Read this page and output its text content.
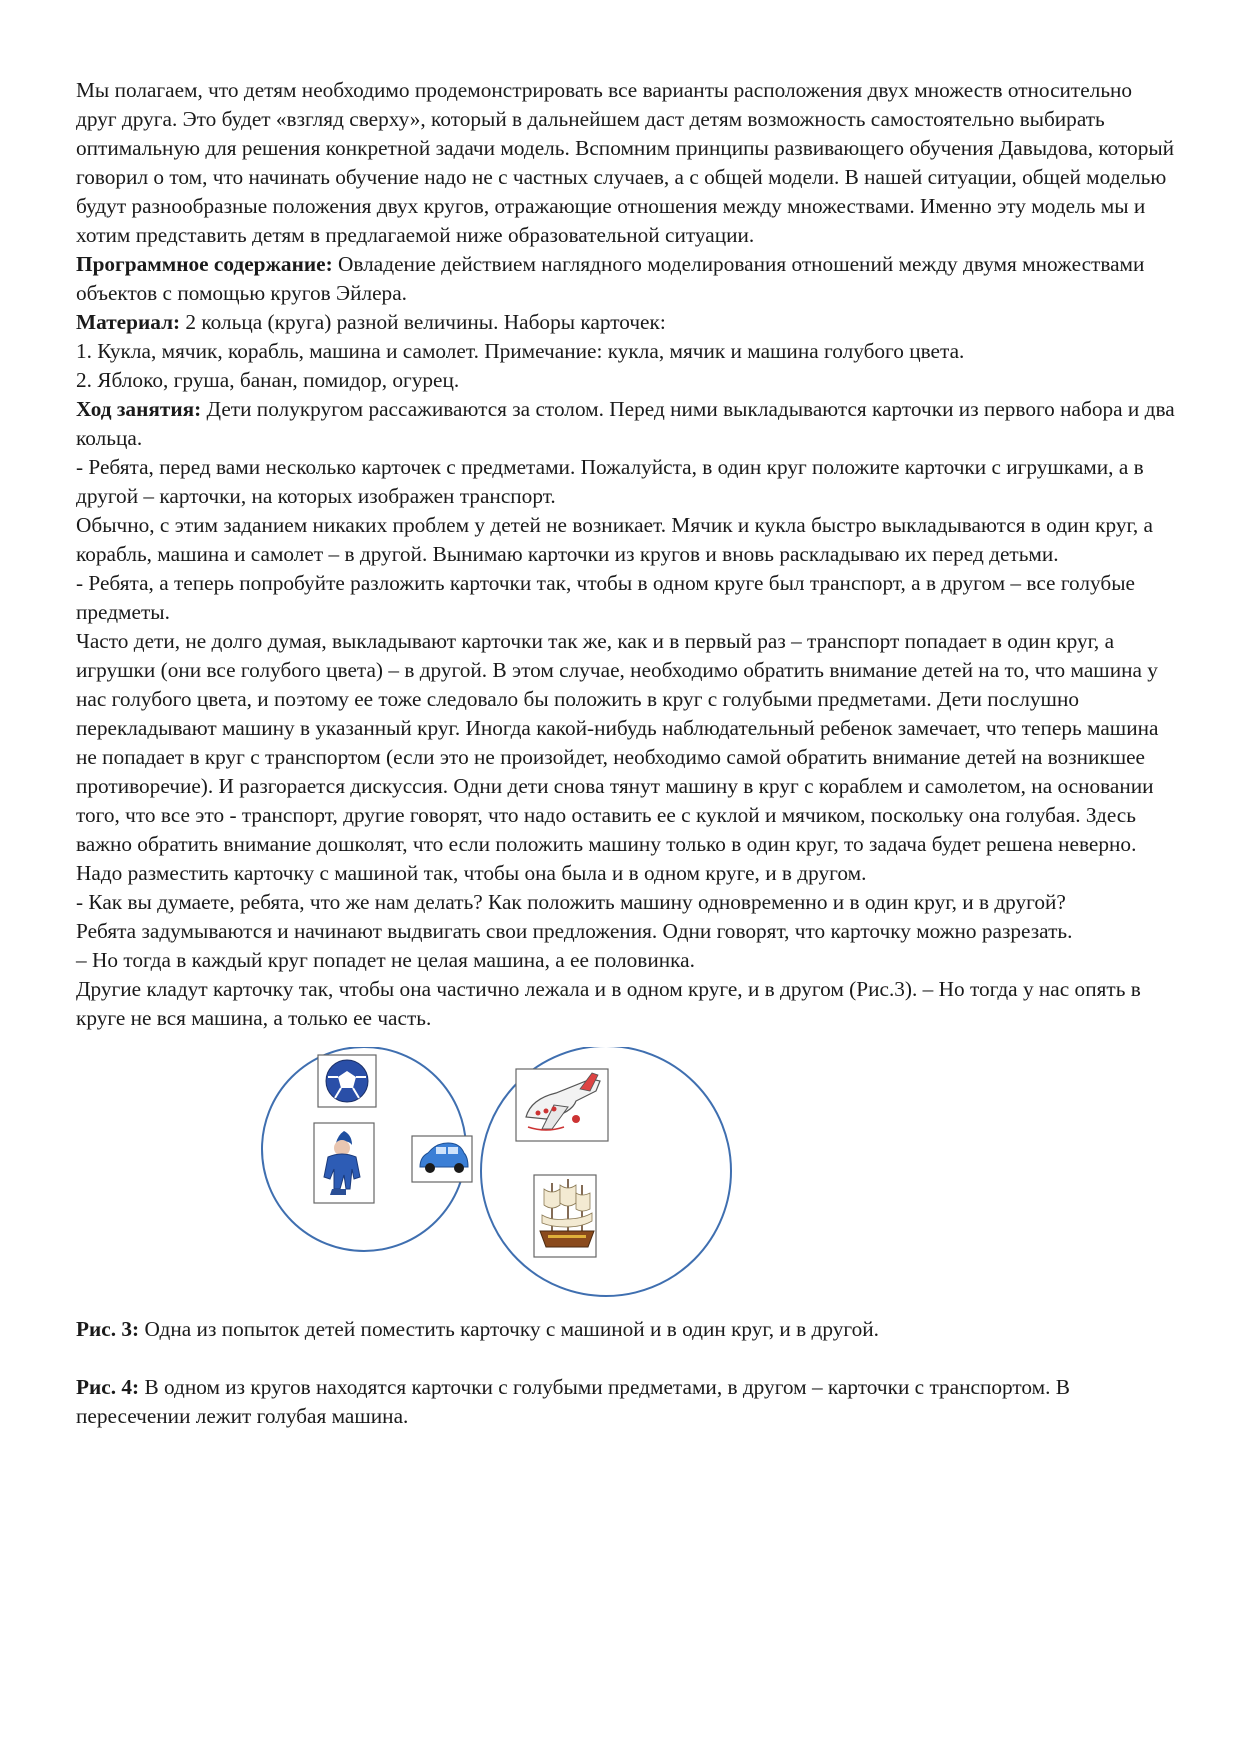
Мы полагаем, что детям необходимо продемонстрировать все варианты расположения двух множеств относительно друг друга. Это будет «взгляд сверху», который в дальнейшем даст детям возможность самостоятельно выбирать оптимальную для решения конкретной задачи модель. Вспомним принципы развивающего обучения Давыдова, который говорил о том, что начинать обучение надо не с частных случаев, а с общей модели. В нашей ситуации, общей моделью будут разнообразные положения двух кругов, отражающие отношения между множествами. Именно эту модель мы и хотим представить детям в предлагаемой ниже образовательной ситуации.

Программное содержание: Овладение действием наглядного моделирования отношений между двумя множествами объектов с помощью кругов Эйлера.

Материал: 2 кольца (круга) разной величины. Наборы карточек:

1. Кукла, мячик, корабль, машина и самолет. Примечание: кукла, мячик и машина голубого цвета.

2. Яблоко, груша, банан, помидор, огурец.

Ход занятия: Дети полукругом рассаживаются за столом. Перед ними выкладываются карточки из первого набора и два кольца.

- Ребята, перед вами несколько карточек с предметами. Пожалуйста, в один круг положите карточки с игрушками, а в другой – карточки, на которых изображен транспорт.

Обычно, с этим заданием никаких проблем у детей не возникает. Мячик и кукла быстро выкладываются в один круг, а корабль, машина и самолет – в другой. Вынимаю карточки из кругов и вновь раскладываю их перед детьми.

- Ребята, а теперь попробуйте разложить карточки так, чтобы в одном круге был транспорт, а в другом – все голубые предметы.

Часто дети, не долго думая, выкладывают карточки так же, как и в первый раз – транспорт попадает в один круг, а игрушки (они все голубого цвета) – в другой. В этом случае, необходимо обратить внимание детей на то, что машина у нас голубого цвета, и поэтому ее тоже следовало бы положить в круг с голубыми предметами. Дети послушно перекладывают машину в указанный круг. Иногда какой-нибудь наблюдательный ребенок замечает, что теперь машина не попадает в круг с транспортом (если это не произойдет, необходимо самой обратить внимание детей на возникшее противоречие). И разгорается дискуссия. Одни дети снова тянут машину в круг с кораблем и самолетом, на основании того, что все это - транспорт, другие говорят, что надо оставить ее с куклой и мячиком, поскольку она голубая. Здесь важно обратить внимание дошколят, что если положить машину только в один круг, то задача будет решена неверно. Надо разместить карточку с машиной так, чтобы она была и в одном круге, и в другом.

- Как вы думаете, ребята, что же нам делать? Как положить машину одновременно и в один круг, и в другой?

Ребята задумываются и начинают выдвигать свои предложения. Одни говорят, что карточку можно разрезать.

– Но тогда в каждый круг попадет не целая машина, а ее половинка.

Другие кладут карточку так, чтобы она частично лежала и в одном круге, и в другом (Рис.3). – Но тогда у нас опять в круге не вся машина, а только ее часть.

Рис. 3: Одна из попыток детей поместить карточку с машиной и в один круг, и в другой.

Рис. 4: В одном из кругов находятся карточки с голубыми предметами, в другом – карточки с транспортом. В пересечении лежит голубая машина.
